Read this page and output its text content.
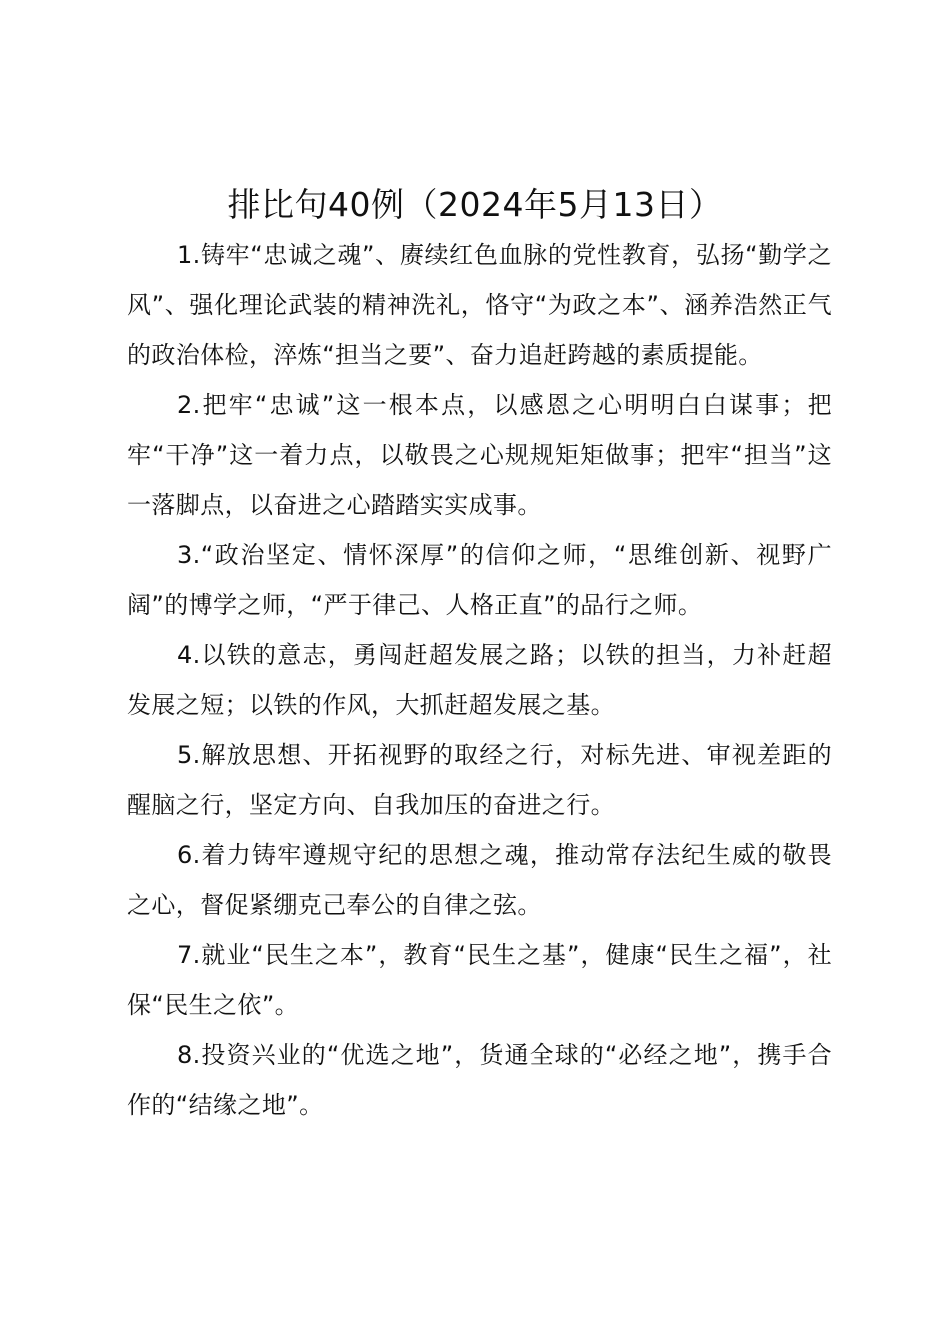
排比句40例（2024年5月13日）

1.铸牢“忠诚之魂”、赓续红色血脉的党性教育，弘扬“勤学之风”、强化理论武装的精神洗礼，恪守“为政之本”、涵养浩然正气的政治体检，淬炼“担当之要”、奋力追赶跨越的素质提能。

2.把牢“忠诚”这一根本点，以感恩之心明明白白谋事；把牢“干净”这一着力点，以敬畏之心规规矩矩做事；把牢“担当”这一落脚点，以奋进之心踏踏实实成事。

3.“政治坚定、情怀深厚”的信仰之师，“思维创新、视野广阔”的博学之师，“严于律己、人格正直”的品行之师。

4.以铁的意志，勇闯赶超发展之路；以铁的担当，力补赶超发展之短；以铁的作风，大抓赶超发展之基。

5.解放思想、开拓视野的取经之行，对标先进、审视差距的醒脑之行，坚定方向、自我加压的奋进之行。

6.着力铸牢遵规守纪的思想之魂，推动常存法纪生威的敬畏之心，督促紧绷克己奉公的自律之弦。

7.就业“民生之本”，教育“民生之基”，健康“民生之福”，社保“民生之依”。

8.投资兴业的“优选之地”，货通全球的“必经之地”，携手合作的“结缘之地”。
